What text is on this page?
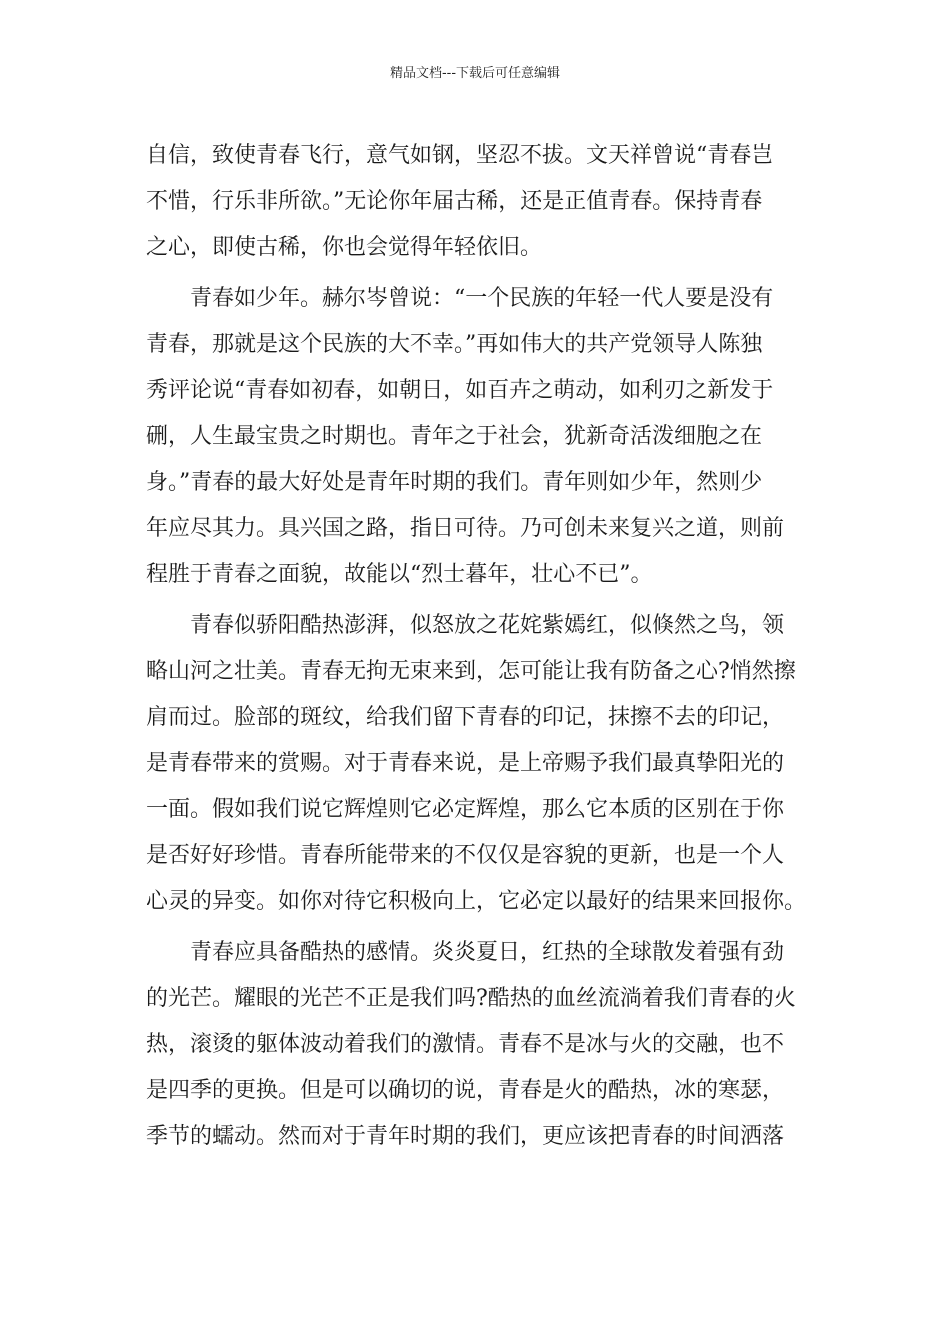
精品文档---下载后可任意编辑
自信，致使青春飞行，意气如钢，坚忍不拔。文天祥曾说“青春岂
不惜，行乐非所欲。”无论你年届古稀，还是正值青春。保持青春
之心，即使古稀，你也会觉得年轻依旧。
青春如少年。赫尔岑曾说：“一个民族的年轻一代人要是没有
青春，那就是这个民族的大不幸。”再如伟大的共产党领导人陈独
秀评论说“青春如初春，如朝日，如百卉之萌动，如利刃之新发于
硎，人生最宝贵之时期也。青年之于社会，犹新奇活泼细胞之在
身。”青春的最大好处是青年时期的我们。青年则如少年，然则少
年应尽其力。具兴国之路，指日可待。乃可创未来复兴之道，则前
程胜于青春之面貌，故能以“烈士暮年，壮心不已”。
青春似骄阳酷热澎湃，似怒放之花姹紫嫣红，似倏然之鸟，领
略山河之壮美。青春无拘无束来到，怎可能让我有防备之心?悄然擦
肩而过。脸部的斑纹，给我们留下青春的印记，抹擦不去的印记，
是青春带来的赏赐。对于青春来说，是上帝赐予我们最真挚阳光的
一面。假如我们说它辉煌则它必定辉煌，那么它本质的区别在于你
是否好好珍惜。青春所能带来的不仅仅是容貌的更新，也是一个人
心灵的异变。如你对待它积极向上，它必定以最好的结果来回报你。
青春应具备酷热的感情。炎炎夏日，红热的全球散发着强有劲
的光芒。耀眼的光芒不正是我们吗?酷热的血丝流淌着我们青春的火
热，滚烫的躯体波动着我们的激情。青春不是冰与火的交融，也不
是四季的更换。但是可以确切的说，青春是火的酷热，冰的寒瑟，
季节的蠕动。然而对于青年时期的我们，更应该把青春的时间洒落
